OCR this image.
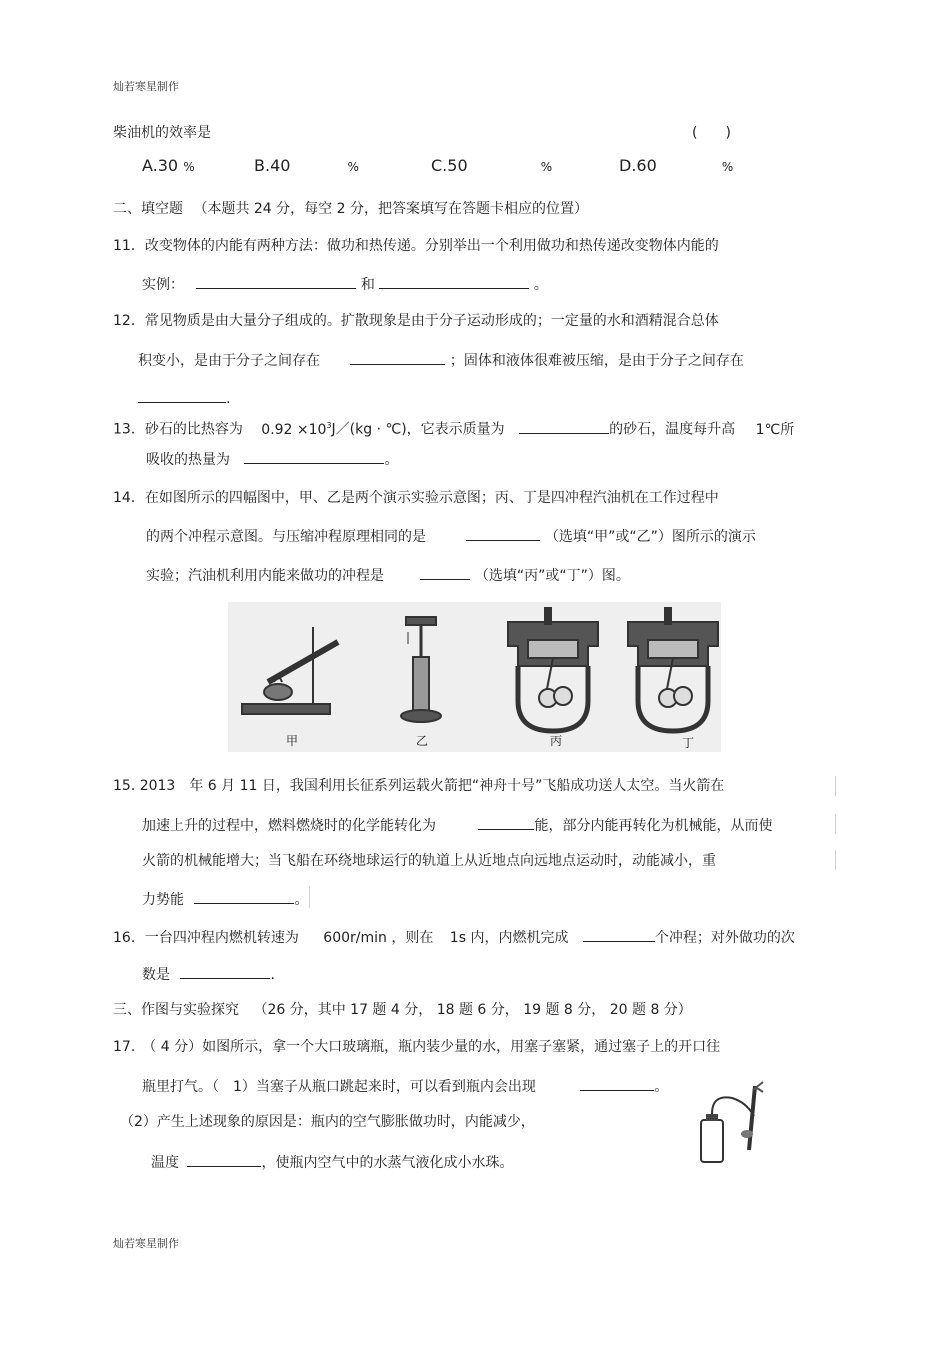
灿若寒星制作
柴油机的效率是	(　　)
A.30 %	B.40	%	C.50	%	D.60	%
二、填空题 （本题共 24 分，每空 2 分，把答案填写在答题卡相应的位置）
11．改变物体的内能有两种方法：做功和热传递。分别举出一个利用做功和热传递改变物体内能的
实例：	和	。
12．常见物质是由大量分子组成的。扩散现象是由于分子运动形成的；一定量的水和酒精混合总体
积变小，是由于分子之间存在	；固体和液体很难被压缩，是由于分子之间存在
.
13．砂石的比热容为 $0.92 \times 10^3J/(kg$ · ℃)，它表示质量为	的砂石，温度每升高 1℃所
吸收的热量为	。
14．在如图所示的四幅图中，甲、乙是两个演示实验示意图；丙、丁是四冲程汽油机在工作过程中
的两个冲程示意图。与压缩冲程原理相同的是	（选填“甲”或“乙”）图所示的演示
实验；汽油机利用内能来做功的冲程是	（选填“丙”或“丁”）图。
甲	乙	丙	丁
15. 2013　年 6 月 11 日，我国利用长征系列运载火箭把“神舟十号”飞船成功送人太空。当火箭在
加速上升的过程中，燃料燃烧时的化学能转化为	能，部分内能再转化为机械能，从而使
火箭的机械能增大；当飞船在环绕地球运行的轨道上从近地点向远地点运动时，动能减小，重
力势能	。
16．一台四冲程内燃机转速为 600r/min ，则在 1s 内，内燃机完成	个冲程；对外做功的次
数是	.
三、作图与实验探究 （26 分，其中 17 题 4 分， 18 题 6 分， 19 题 8 分， 20 题 8 分）
17.　（ 4 分）如图所示，拿一个大口玻璃瓶，瓶内装少量的水，用塞子塞紧，通过塞子上的开口往
瓶里打气。（　1）当塞子从瓶口跳起来时，可以看到瓶内会出现	。
（2）产生上述现象的原因是：瓶内的空气膨胀做功时，内能减少，
温度	，使瓶内空气中的水蒸气液化成小水珠。
灿若寒星制作
